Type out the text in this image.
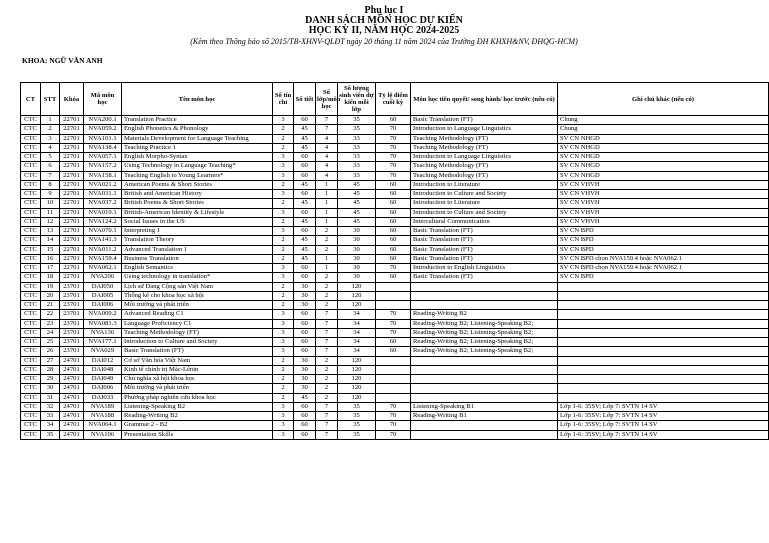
Phụ lục I
DANH SÁCH MÔN HỌC DỰ KIẾN
HỌC KỲ II, NĂM HỌC 2024-2025
(Kèm theo Thông báo số 2015/TB-XHNV-QLĐT ngày 20 tháng 11 năm 2024 của Trường ĐH KHXH&NV, ĐHQG-HCM)
KHOA: NGỮ VĂN ANH
CT	STT	Khóa	Mã môn học	Tên môn học	Số tín chỉ	Số tiết	Số lớp/môn học	Số lượng sinh viên dự kiến mỗi lớp	Tỷ lệ điểm cuối kỳ	Môn học tiên quyết/ song hành/ học trước (nếu có)	Ghi chú khác (nếu có)
CTC	1	22701	NVA200.1	Translation Practice	3	60	7	35	60	Basic Translation (FT)	Chung
CTC	2	22701	NVA059.2	English Phonetics & Phonology	2	45	7	35	70	Introduction to Language Linguistics	Chung
CTC	3	22701	NVA101.1	Materials Development for Language Teaching	2	45	4	33	70	Teaching Methodology (FT)	SV CN NHGD
CTC	4	22701	NVA138.4	Teaching Practice 1	2	45	4	33	70	Teaching Methodology (FT)	SV CN NHGD
CTC	5	22701	NVA057.1	English Morpho-Syntax	3	60	4	33	70	Introduction to Language Linguistics	SV CN NHGD
CTC	6	22701	NVA157.2	Using Technology in Language Teaching*	3	60	4	33	70	Teaching Methodology (FT)	SV CN NHGD
CTC	7	22701	NVA158.1	Teaching English to Young Learners*	3	60	4	33	70	Teaching Methodology (FT)	SV CN NHGD
CTC	8	22701	NVA021.2	American Poems & Short Stories	2	45	1	45	60	Introduction to Literature	SV CN VHVH
CTC	9	22701	NVA031.1	British and American History	3	60	1	45	60	Introduction to Culture and Society	SV CN VHVH
CTC	10	22701	NVA037.2	British Poems & Short Stories	2	45	1	45	60	Introduction to Literature	SV CN VHVH
CTC	11	22701	NVA019.1	British-American Identity & Lifestyle	3	60	1	45	60	Introduction to Culture and Society	SV CN VHVH
CTC	12	22701	NVA124.2	Social Issues in the US	2	45	1	45	60	Intercultural Communication	SV CN VHVH
CTC	13	22701	NVA070.1	Interpreting 1	3	60	2	30	60	Basic Translation (FT)	SV CN BPD
CTC	14	22701	NVA141.3	Translation Theory	2	45	2	30	60	Basic Translation (FT)	SV CN BPD
CTC	15	22701	NVA011.2	Advanced Translation 1	2	45	2	30	60	Basic Translation (FT)	SV CN BPD
CTC	16	22701	NVA159.4	Business Translation	2	45	1	30	60	Basic Translation (FT)	SV CN BPD chọn NVA159.4 hoặc NVA062.1
CTC	17	22701	NVA062.1	English Semantics	3	60	1	30	70	Introduction to English Linguistics	SV CN BPD chọn NVA159.4 hoặc NVA062.1
CTC	18	22701	NVA206	Using technology in translation*	3	60	2	30	60	Basic Translation (FT)	SV CN BPD
CTC	19	23701	DAI050	Lịch sử Đảng Cộng sản Việt Nam	2	30	2	120			
CTC	20	23701	DAI005	Thống kê cho khoa học xã hội	2	30	2	120			
CTC	21	23701	DAI006	Môi trường và phát triển	2	30	2	120			
CTC	22	23701	NVA009.2	Advanced Reading C1	3	60	7	34	70	Reading-Writing B2	
CTC	23	23701	NVA081.3	Language Proficiency C1	3	60	7	34	70	Reading-Writing B2; Listening-Speaking B2;	
CTC	24	23701	NVA136	Teaching Methodology (FT)	3	60	7	34	70	Reading-Writing B2; Listening-Speaking B2;	
CTC	25	23701	NVA177.1	Introduction to Culture and Society	3	60	7	34	60	Reading-Writing B2; Listening-Speaking B2;	
CTC	26	23701	NVA029	Basic Translation (FT)	3	60	7	34	60	Reading-Writing B2; Listening-Speaking B2;	
CTC	27	24701	DAI012	Cơ sở Văn hóa Việt Nam	2	30	2	120			
CTC	28	24701	DAI048	Kinh tế chính trị Mác-Lênin	2	30	2	120			
CTC	29	24701	DAI049	Chủ nghĩa xã hội khoa học	2	30	2	120			
CTC	30	24701	DAI006	Môi trường và phát triển	2	30	2	120			
CTC	31	24701	DAI033	Phương pháp nghiên cứu khoa học	2	45	2	120			
CTC	32	24701	NVA189	Listening-Speaking B2	3	60	7	35	70	Listening-Speaking B1	Lớp 1-6: 35SV; Lớp 7: SVTN 14 SV
CTC	33	24701	NVA188	Reading-Writing B2	3	60	7	35	70	Reading-Writing B1	Lớp 1-6: 35SV; Lớp 7: SVTN 14 SV
CTC	34	24701	NVA064.1	Grammar 2 - B2	3	60	7	35	70		Lớp 1-6: 35SV; Lớp 7: SVTN 14 SV
CTC	35	24701	NVA106	Presentation Skills	3	60	7	35	70		Lớp 1-6: 35SV; Lớp 7: SVTN 14 SV
